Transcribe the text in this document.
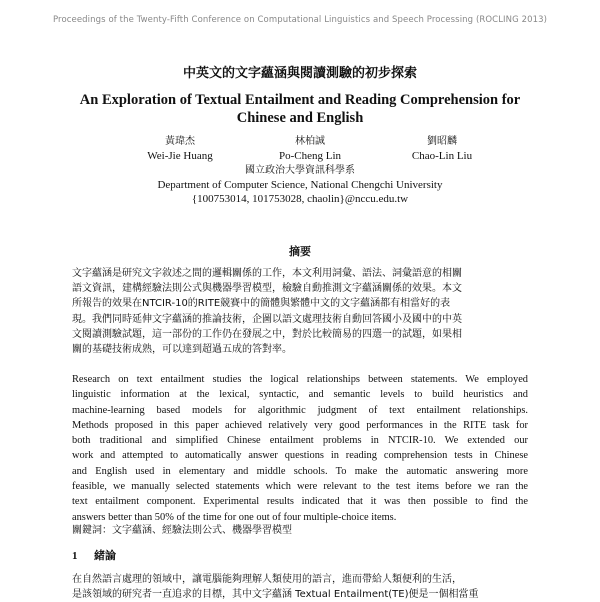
Proceedings of the Twenty-Fifth Conference on Computational Linguistics and Speech Processing (ROCLING 2013)
中英文的文字蘊涵與閱讀測驗的初步探索
An Exploration of Textual Entailment and Reading Comprehension for
Chinese and English
黃瑋杰
Wei-Jie Huang
林柏誠
Po-Cheng Lin
劉昭麟
Chao-Lin Liu
國立政治大學資訊科學系
Department of Computer Science, National Chengchi University
{100753014, 101753028, chaolin}@nccu.edu.tw
摘要
文字蘊涵是研究文字敘述之間的邏輯關係的工作，本文利用詞彙、語法、詞彙語意的相關
語文資訊，建構經驗法則公式與機器學習模型，檢驗自動推測文字蘊涵關係的效果。本文
所報告的效果在NTCIR-10的RITE競賽中的簡體與繁體中文的文字蘊涵都有相當好的表
現。我們同時延伸文字蘊涵的推論技術，企圖以語文處理技術自動回答國小及國中的中英
文閱讀測驗試題，這一部份的工作仍在發展之中，對於比較簡易的四選一的試題，如果相
關的基礎技術成熟，可以達到超過五成的答對率。
Research on text entailment studies the logical relationships between statements. We employed
linguistic information at the lexical, syntactic, and semantic levels to build heuristics and
machine-learning based models for algorithmic judgment of text entailment relationships.
Methods proposed in this paper achieved relatively very good performances in the RITE task for
both traditional and simplified Chinese entailment problems in NTCIR-10. We extended our
work and attempted to automatically answer questions in reading comprehension tests in Chinese
and English used in elementary and middle schools. To make the automatic answering more
feasible, we manually selected statements which were relevant to the test items before we ran the
text entailment component. Experimental results indicated that it was then possible to find the
answers better than 50% of the time for one out of four multiple-choice items.
關鍵詞：文字蘊涵、經驗法則公式、機器學習模型
1 緒論
在自然語言處理的領域中，讓電腦能夠理解人類使用的語言，進而帶給人類便利的生活，
是該領域的研究者一直追求的目標，其中文字蘊涵 Textual Entailment(TE)便是一個相當重
